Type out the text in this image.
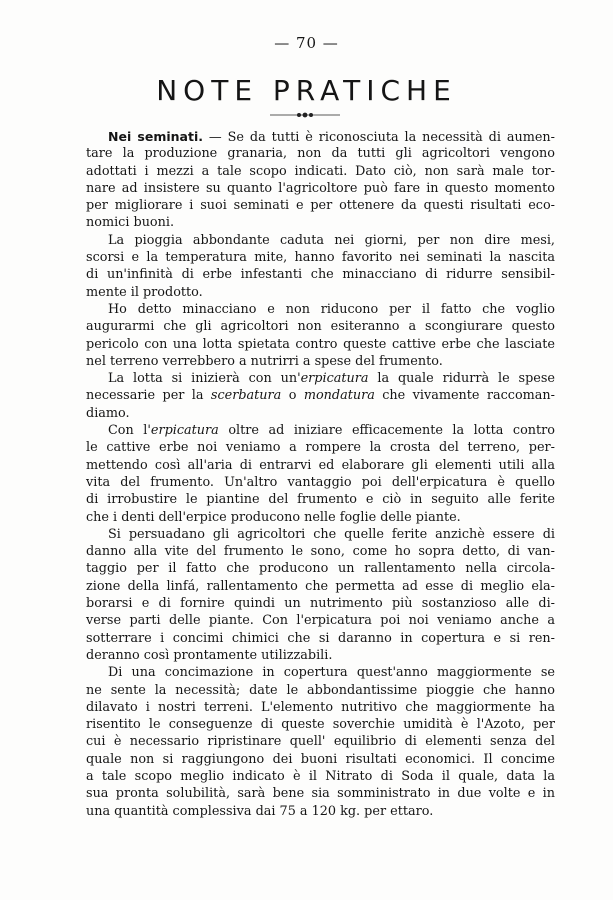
— 70 —
NOTE PRATICHE
Nei seminati. — Se da tutti è riconosciuta la necessità di aumen-
tare la produzione granaria, non da tutti gli agricoltori vengono
adottati i mezzi a tale scopo indicati. Dato ciò, non sarà male tor-
nare ad insistere su quanto l'agricoltore può fare in questo momento
per migliorare i suoi seminati e per ottenere da questi risultati eco-
nomici buoni.
La pioggia abbondante caduta nei giorni, per non dire mesi,
scorsi e la temperatura mite, hanno favorito nei seminati la nascita
di un'infinità di erbe infestanti che minacciano di ridurre sensibil-
mente il prodotto.
Ho detto minacciano e non riducono per il fatto che voglio
augurarmi che gli agricoltori non esiteranno a scongiurare questo
pericolo con una lotta spietata contro queste cattive erbe che lasciate
nel terreno verrebbero a nutrirri a spese del frumento.
La lotta si inizierà con un'erpicatura la quale ridurrà le spese
necessarie per la scerbatura o mondatura che vivamente raccoman-
diamo.
Con l'erpicatura oltre ad iniziare efficacemente la lotta contro
le cattive erbe noi veniamo a rompere la crosta del terreno, per-
mettendo così all'aria di entrarvi ed elaborare gli elementi utili alla
vita del frumento. Un'altro vantaggio poi dell'erpicatura è quello
di irrobustire le piantine del frumento e ciò in seguito alle ferite
che i denti dell'erpice producono nelle foglie delle piante.
Si persuadano gli agricoltori che quelle ferite anzichè essere di
danno alla vite del frumento le sono, come ho sopra detto, di van-
taggio per il fatto che producono un rallentamento nella circola-
zione della linfá, rallentamento che permetta ad esse di meglio ela-
borarsi e di fornire quindi un nutrimento più sostanzioso alle di-
verse parti delle piante. Con l'erpicatura poi noi veniamo anche a
sotterrare i concimi chimici che si daranno in copertura e si ren-
deranno così prontamente utilizzabili.
Di una concimazione in copertura quest'anno maggiormente se
ne sente la necessità; date le abbondantissime pioggie che hanno
dilavato i nostri terreni. L'elemento nutritivo che maggiormente ha
risentito le conseguenze di queste soverchie umidità è l'Azoto, per
cui è necessario ripristinare quell' equilibrio di elementi senza del
quale non si raggiungono dei buoni risultati economici. Il concime
a tale scopo meglio indicato è il Nitrato di Soda il quale, data la
sua pronta solubilità, sarà bene sia somministrato in due volte e in
una quantità complessiva dai 75 a 120 kg. per ettaro.
